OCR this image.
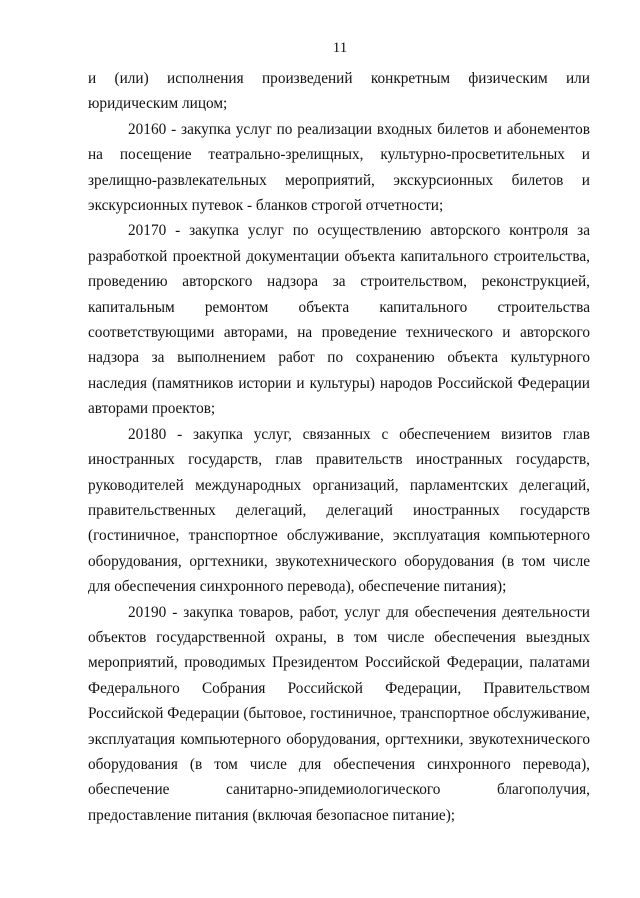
11

и (или) исполнения произведений конкретным физическим или юридическим лицом;

20160 - закупка услуг по реализации входных билетов и абонементов на посещение театрально-зрелищных, культурно-просветительных и зрелищно-развлекательных мероприятий, экскурсионных билетов и экскурсионных путевок - бланков строгой отчетности;

20170 - закупка услуг по осуществлению авторского контроля за разработкой проектной документации объекта капитального строительства, проведению авторского надзора за строительством, реконструкцией, капитальным ремонтом объекта капитального строительства соответствующими авторами, на проведение технического и авторского надзора за выполнением работ по сохранению объекта культурного наследия (памятников истории и культуры) народов Российской Федерации авторами проектов;

20180 - закупка услуг, связанных с обеспечением визитов глав иностранных государств, глав правительств иностранных государств, руководителей международных организаций, парламентских делегаций, правительственных делегаций, делегаций иностранных государств (гостиничное, транспортное обслуживание, эксплуатация компьютерного оборудования, оргтехники, звукотехнического оборудования (в том числе для обеспечения синхронного перевода), обеспечение питания);

20190 - закупка товаров, работ, услуг для обеспечения деятельности объектов государственной охраны, в том числе обеспечения выездных мероприятий, проводимых Президентом Российской Федерации, палатами Федерального Собрания Российской Федерации, Правительством Российской Федерации (бытовое, гостиничное, транспортное обслуживание, эксплуатация компьютерного оборудования, оргтехники, звукотехнического оборудования (в том числе для обеспечения синхронного перевода), обеспечение санитарно-эпидемиологического благополучия, предоставление питания (включая безопасное питание);
